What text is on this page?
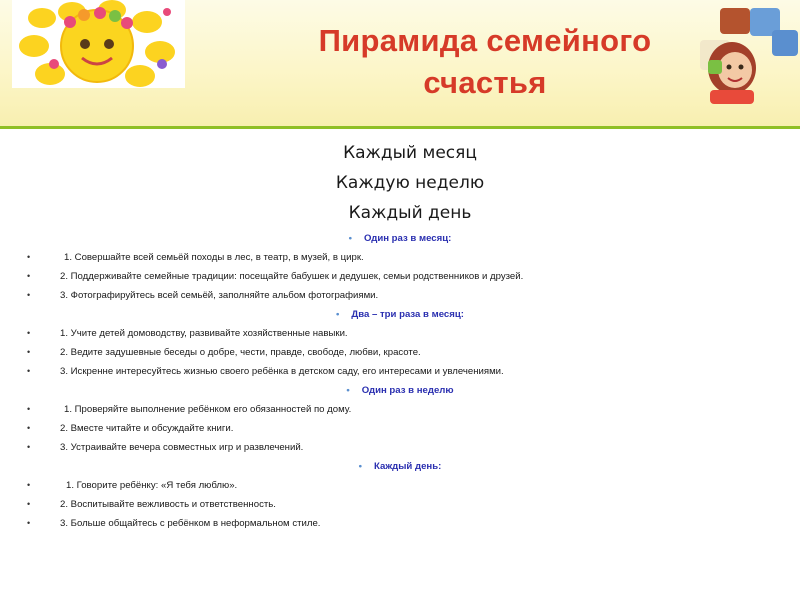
Пирамида семейного
счастья
Каждый месяц
Каждую неделю
Каждый день
• Один раз в месяц:
•	1. Совершайте всей семьёй походы в лес, в театр, в музей, в цирк.
•	2. Поддерживайте семейные традиции: посещайте бабушек и дедушек, семьи родственников и друзей.
•	3. Фотографируйтесь всей семьёй, заполняйте альбом фотографиями.
• Два – три раза в месяц:
•	1. Учите детей домоводству, развивайте хозяйственные навыки.
•	2. Ведите задушевные беседы о добре, чести, правде, свободе, любви, красоте.
•	3. Искренне интересуйтесь жизнью своего ребёнка в детском саду, его интересами и увлечениями.
• Один раз в неделю
•	1. Проверяйте выполнение ребёнком его обязанностей по дому.
•	2. Вместе читайте и обсуждайте книги.
•	3. Устраивайте вечера совместных игр и развлечений.
• Каждый день:
•	1. Говорите ребёнку: «Я тебя люблю».
•	2. Воспитывайте вежливость и ответственность.
•	3. Больше общайтесь с ребёнком в неформальном стиле.
